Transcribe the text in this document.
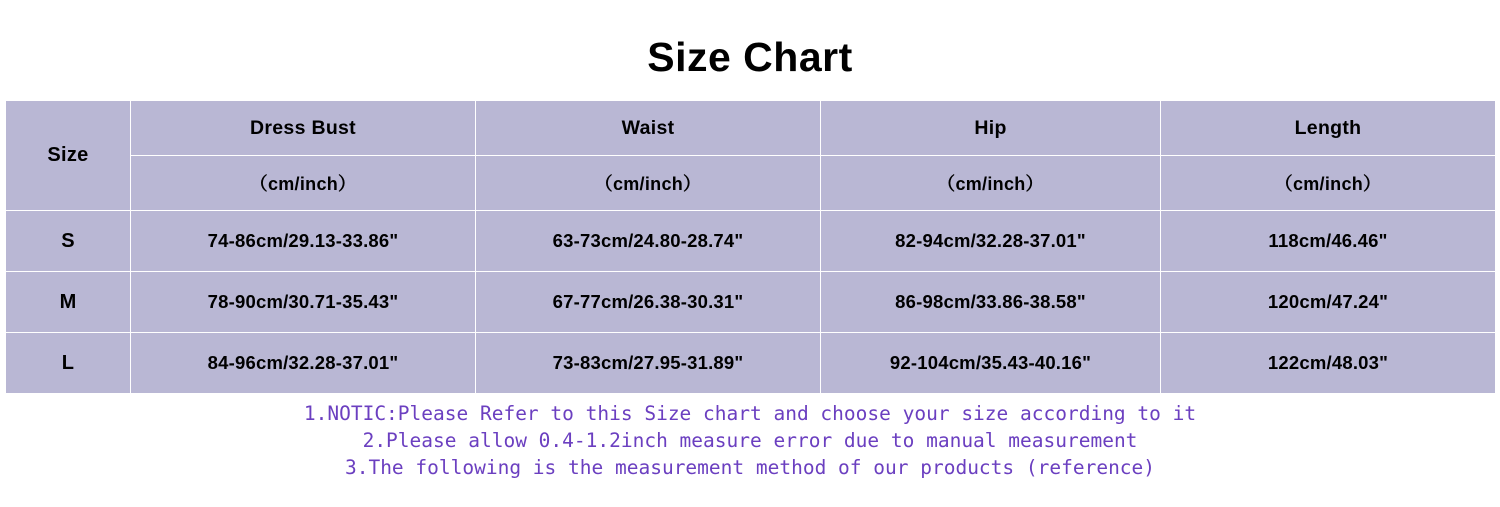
Size Chart
Size	Dress Bust	Waist	Hip	Length
	（cm/inch）	（cm/inch）	（cm/inch）	（cm/inch）
S	74-86cm/29.13-33.86"	63-73cm/24.80-28.74"	82-94cm/32.28-37.01"	118cm/46.46"
M	78-90cm/30.71-35.43"	67-77cm/26.38-30.31"	86-98cm/33.86-38.58"	120cm/47.24"
L	84-96cm/32.28-37.01"	73-83cm/27.95-31.89"	92-104cm/35.43-40.16"	122cm/48.03"
1.NOTIC:Please Refer to this Size chart and choose your size according to it
2.Please allow 0.4-1.2inch measure error due to manual measurement
3.The following is the measurement method of our products (reference)
